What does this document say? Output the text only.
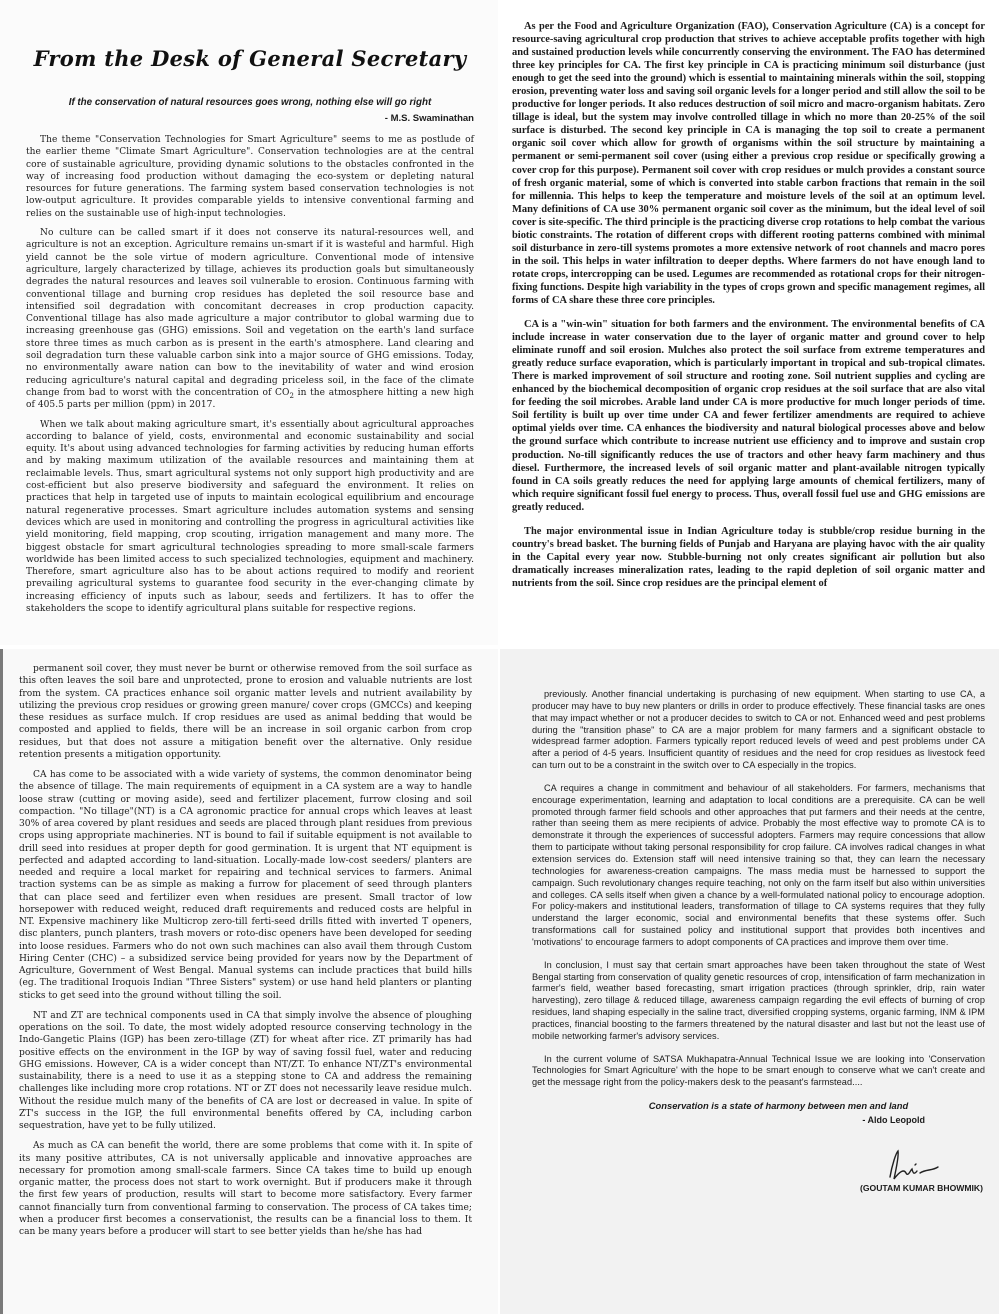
From the Desk of General Secretary

If the conservation of natural resources goes wrong, nothing else will go right

- M.S. Swaminathan

The theme "Conservation Technologies for Smart Agriculture" seems to me as postlude of the earlier theme "Climate Smart Agriculture". Conservation technologies are at the central core of sustainable agriculture, providing dynamic solutions to the obstacles confronted in the way of increasing food production without damaging the eco-system or depleting natural resources for future generations. The farming system based conservation technologies is not low-output agriculture. It provides comparable yields to intensive conventional farming and relies on the sustainable use of high-input technologies.

No culture can be called smart if it does not conserve its natural-resources well, and agriculture is not an exception. Agriculture remains un-smart if it is wasteful and harmful. High yield cannot be the sole virtue of modern agriculture. Conventional mode of intensive agriculture, largely characterized by tillage, achieves its production goals but simultaneously degrades the natural resources and leaves soil vulnerable to erosion. Continuous farming with conventional tillage and burning crop residues has depleted the soil resource base and intensified soil degradation with concomitant decreases in crop production capacity. Conventional tillage has also made agriculture a major contributor to global warming due to increasing greenhouse gas (GHG) emissions. Soil and vegetation on the earth's land surface store three times as much carbon as is present in the earth's atmosphere. Land clearing and soil degradation turn these valuable carbon sink into a major source of GHG emissions. Today, no environmentally aware nation can bow to the inevitability of water and wind erosion reducing agriculture's natural capital and degrading priceless soil, in the face of the climate change from bad to worst with the concentration of $CO_2$ in the atmosphere hitting a new high of 405.5 parts per million (ppm) in 2017.

When we talk about making agriculture smart, it's essentially about agricultural approaches according to balance of yield, costs, environmental and economic sustainability and social equity. It's about using advanced technologies for farming activities by reducing human efforts and by making maximum utilization of the available resources and maintaining them at reclaimable levels. Thus, smart agricultural systems not only support high productivity and are cost-efficient but also preserve biodiversity and safeguard the environment. It relies on practices that help in targeted use of inputs to maintain ecological equilibrium and encourage natural regenerative processes. Smart agriculture includes automation systems and sensing devices which are used in monitoring and controlling the progress in agricultural activities like yield monitoring, field mapping, crop scouting, irrigation management and many more. The biggest obstacle for smart agricultural technologies spreading to more small-scale farmers worldwide has been limited access to such specialized technologies, equipment and machinery. Therefore, smart agriculture also has to be about actions required to modify and reorient prevailing agricultural systems to guarantee food security in the ever-changing climate by increasing efficiency of inputs such as labour, seeds and fertilizers. It has to offer the stakeholders the scope to identify agricultural plans suitable for respective regions.

As per the Food and Agriculture Organization (FAO), Conservation Agriculture (CA) is a concept for resource-saving agricultural crop production that strives to achieve acceptable profits together with high and sustained production levels while concurrently conserving the environment. The FAO has determined three key principles for CA. The first key principle in CA is practicing minimum soil disturbance (just enough to get the seed into the ground) which is essential to maintaining minerals within the soil, stopping erosion, preventing water loss and saving soil organic levels for a longer period and still allow the soil to be productive for longer periods. It also reduces destruction of soil micro and macro-organism habitats. Zero tillage is ideal, but the system may involve controlled tillage in which no more than 20-25% of the soil surface is disturbed. The second key principle in CA is managing the top soil to create a permanent organic soil cover which allow for growth of organisms within the soil structure by maintaining a permanent or semi-permanent soil cover (using either a previous crop residue or specifically growing a cover crop for this purpose). Permanent soil cover with crop residues or mulch provides a constant source of fresh organic material, some of which is converted into stable carbon fractions that remain in the soil for millennia. This helps to keep the temperature and moisture levels of the soil at an optimum level. Many definitions of CA use 30% permanent organic soil cover as the minimum, but the ideal level of soil cover is site-specific. The third principle is the practicing diverse crop rotations to help combat the various biotic constraints. The rotation of different crops with different rooting patterns combined with minimal soil disturbance in zero-till systems promotes a more extensive network of root channels and macro pores in the soil. This helps in water infiltration to deeper depths. Where farmers do not have enough land to rotate crops, intercropping can be used. Legumes are recommended as rotational crops for their nitrogen-fixing functions. Despite high variability in the types of crops grown and specific management regimes, all forms of CA share these three core principles.

CA is a "win-win" situation for both farmers and the environment. The environmental benefits of CA include increase in water conservation due to the layer of organic matter and ground cover to help eliminate runoff and soil erosion. Mulches also protect the soil surface from extreme temperatures and greatly reduce surface evaporation, which is particularly important in tropical and sub-tropical climates. There is marked improvement of soil structure and rooting zone. Soil nutrient supplies and cycling are enhanced by the biochemical decomposition of organic crop residues at the soil surface that are also vital for feeding the soil microbes. Arable land under CA is more productive for much longer periods of time. Soil fertility is built up over time under CA and fewer fertilizer amendments are required to achieve optimal yields over time. CA enhances the biodiversity and natural biological processes above and below the ground surface which contribute to increase nutrient use efficiency and to improve and sustain crop production. No-till significantly reduces the use of tractors and other heavy farm machinery and thus diesel. Furthermore, the increased levels of soil organic matter and plant-available nitrogen typically found in CA soils greatly reduces the need for applying large amounts of chemical fertilizers, many of which require significant fossil fuel energy to process. Thus, overall fossil fuel use and GHG emissions are greatly reduced.

The major environmental issue in Indian Agriculture today is stubble/crop residue burning in the country's bread basket. The burning fields of Punjab and Haryana are playing havoc with the air quality in the Capital every year now. Stubble-burning not only creates significant air pollution but also dramatically increases mineralization rates, leading to the rapid depletion of soil organic matter and nutrients from the soil. Since crop residues are the principal element of

permanent soil cover, they must never be burnt or otherwise removed from the soil surface as this often leaves the soil bare and unprotected, prone to erosion and valuable nutrients are lost from the system. CA practices enhance soil organic matter levels and nutrient availability by utilizing the previous crop residues or growing green manure/ cover crops (GMCCs) and keeping these residues as surface mulch. If crop residues are used as animal bedding that would be composted and applied to fields, there will be an increase in soil organic carbon from crop residues, but that does not assure a mitigation benefit over the alternative. Only residue retention presents a mitigation opportunity.

CA has come to be associated with a wide variety of systems, the common denominator being the absence of tillage. The main requirements of equipment in a CA system are a way to handle loose straw (cutting or moving aside), seed and fertilizer placement, furrow closing and soil compaction. "No tillage"(NT) is a CA agronomic practice for annual crops which leaves at least 30% of area covered by plant residues and seeds are placed through plant residues from previous crops using appropriate machineries. NT is bound to fail if suitable equipment is not available to drill seed into residues at proper depth for good germination. It is urgent that NT equipment is perfected and adapted according to land-situation. Locally-made low-cost seeders/ planters are needed and require a local market for repairing and technical services to farmers. Animal traction systems can be as simple as making a furrow for placement of seed through planters that can place seed and fertilizer even when residues are present. Small tractor of low horsepower with reduced weight, reduced draft requirements and reduced costs are helpful in NT. Expensive machinery like Multicrop zero-till ferti-seed drills fitted with inverted T openers, disc planters, punch planters, trash movers or roto-disc openers have been developed for seeding into loose residues. Farmers who do not own such machines can also avail them through Custom Hiring Center (CHC) – a subsidized service being provided for years now by the Department of Agriculture, Government of West Bengal. Manual systems can include practices that build hills (eg. The traditional Iroquois Indian "Three Sisters" system) or use hand held planters or planting sticks to get seed into the ground without tilling the soil.

NT and ZT are technical components used in CA that simply involve the absence of ploughing operations on the soil. To date, the most widely adopted resource conserving technology in the Indo-Gangetic Plains (IGP) has been zero-tillage (ZT) for wheat after rice. ZT primarily has had positive effects on the environment in the IGP by way of saving fossil fuel, water and reducing GHG emissions. However, CA is a wider concept than NT/ZT. To enhance NT/ZT's environmental sustainability, there is a need to use it as a stepping stone to CA and address the remaining challenges like including more crop rotations. NT or ZT does not necessarily leave residue mulch. Without the residue mulch many of the benefits of CA are lost or decreased in value. In spite of ZT's success in the IGP, the full environmental benefits offered by CA, including carbon sequestration, have yet to be fully utilized.

As much as CA can benefit the world, there are some problems that come with it. In spite of its many positive attributes, CA is not universally applicable and innovative approaches are necessary for promotion among small-scale farmers. Since CA takes time to build up enough organic matter, the process does not start to work overnight. But if producers make it through the first few years of production, results will start to become more satisfactory. Every farmer cannot financially turn from conventional farming to conservation. The process of CA takes time; when a producer first becomes a conservationist, the results can be a financial loss to them. It can be many years before a producer will start to see better yields than he/she has had

previously. Another financial undertaking is purchasing of new equipment. When starting to use CA, a producer may have to buy new planters or drills in order to produce effectively. These financial tasks are ones that may impact whether or not a producer decides to switch to CA or not. Enhanced weed and pest problems during the "transition phase" to CA are a major problem for many farmers and a significant obstacle to widespread farmer adoption. Farmers typically report reduced levels of weed and pest problems under CA after a period of 4-5 years. Insufficient quantity of residues and the need for crop residues as livestock feed can turn out to be a constraint in the switch over to CA especially in the tropics.

CA requires a change in commitment and behaviour of all stakeholders. For farmers, mechanisms that encourage experimentation, learning and adaptation to local conditions are a prerequisite. CA can be well promoted through farmer field schools and other approaches that put farmers and their needs at the centre, rather than seeing them as mere recipients of advice. Probably the most effective way to promote CA is to demonstrate it through the experiences of successful adopters. Farmers may require concessions that allow them to participate without taking personal responsibility for crop failure. CA involves radical changes in what extension services do. Extension staff will need intensive training so that, they can learn the necessary technologies for awareness-creation campaigns. The mass media must be harnessed to support the campaign. Such revolutionary changes require teaching, not only on the farm itself but also within universities and colleges. CA sells itself when given a chance by a well-formulated national policy to encourage adoption. For policy-makers and institutional leaders, transformation of tillage to CA systems requires that they fully understand the larger economic, social and environmental benefits that these systems offer. Such transformations call for sustained policy and institutional support that provides both incentives and 'motivations' to encourage farmers to adopt components of CA practices and improve them over time.

In conclusion, I must say that certain smart approaches have been taken throughout the state of West Bengal starting from conservation of quality genetic resources of crop, intensification of farm mechanization in farmer's field, weather based forecasting, smart irrigation practices (through sprinkler, drip, rain water harvesting), zero tillage & reduced tillage, awareness campaign regarding the evil effects of burning of crop residues, land shaping especially in the saline tract, diversified cropping systems, organic farming, INM & IPM practices, financial boosting to the farmers threatened by the natural disaster and last but not the least use of mobile networking farmer's advisory services.

In the current volume of SATSA Mukhapatra-Annual Technical Issue we are looking into 'Conservation Technologies for Smart Agriculture' with the hope to be smart enough to conserve what we can't create and get the message right from the policy-makers desk to the peasant's farmstead....

Conservation is a state of harmony between men and land

- Aldo Leopold

(GOUTAM KUMAR BHOWMIK)
